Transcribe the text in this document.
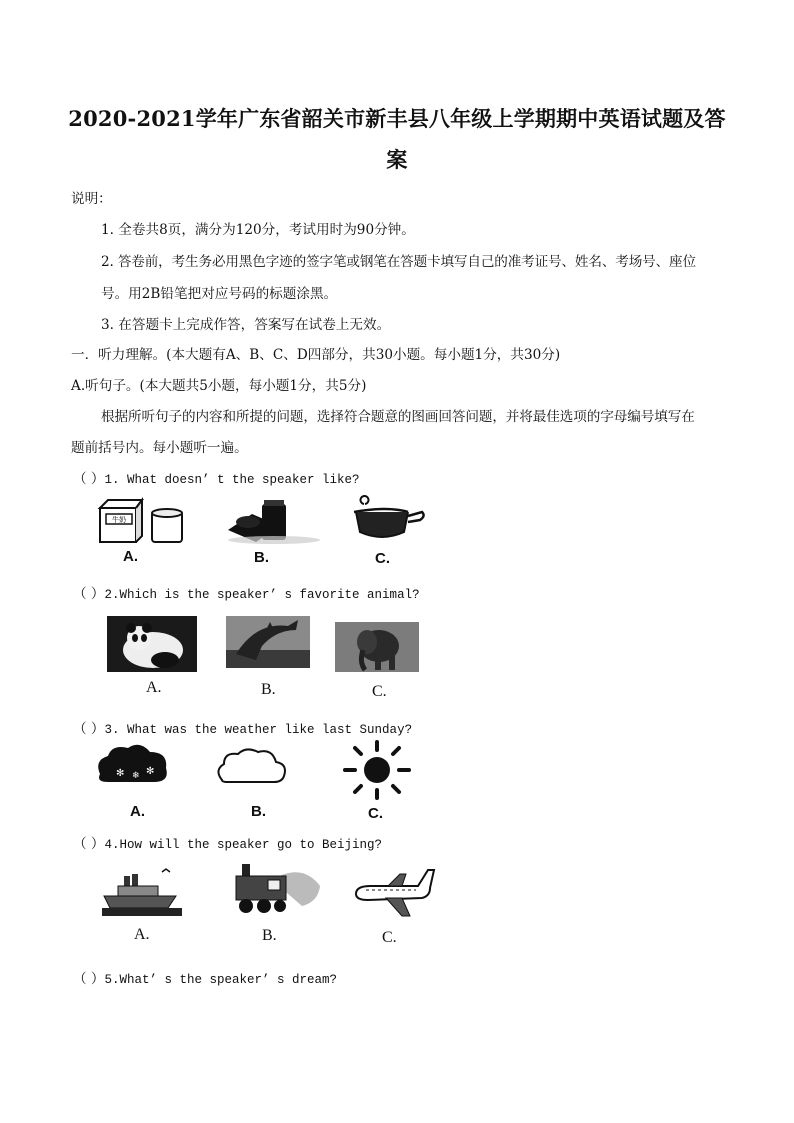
2020-2021学年广东省韶关市新丰县八年级上学期期中英语试题及答
案
说明：
1. 全卷共8页，满分为120分，考试用时为90分钟。
2. 答卷前，考生务必用黑色字迹的签字笔或钢笔在答题卡填写自己的准考证号、姓名、考场号、座位
号。用2B铅笔把对应号码的标题涂黑。
3. 在答题卡上完成作答，答案写在试卷上无效。
一．听力理解。(本大题有A、B、C、D四部分，共30小题。每小题1分，共30分)
A.听句子。(本大题共5小题，每小题1分，共5分)
根据所听句子的内容和所提的问题，选择符合题意的图画回答问题，并将最佳选项的字母编号填写在
题前括号内。每小题听一遍。
（ ）1. What doesn’ t the speaker like?
牛奶
A.	B.	C.
（ ）2.Which is the speaker’ s favorite animal?
A.	B.	C.
（ ）3. What was the weather like last Sunday?
✻ ❄ ✻
A.	B.	C.
（ ）4.How will the speaker go to Beijing?
A.	B.	C.
（ ）5.What’ s the speaker’ s dream?
